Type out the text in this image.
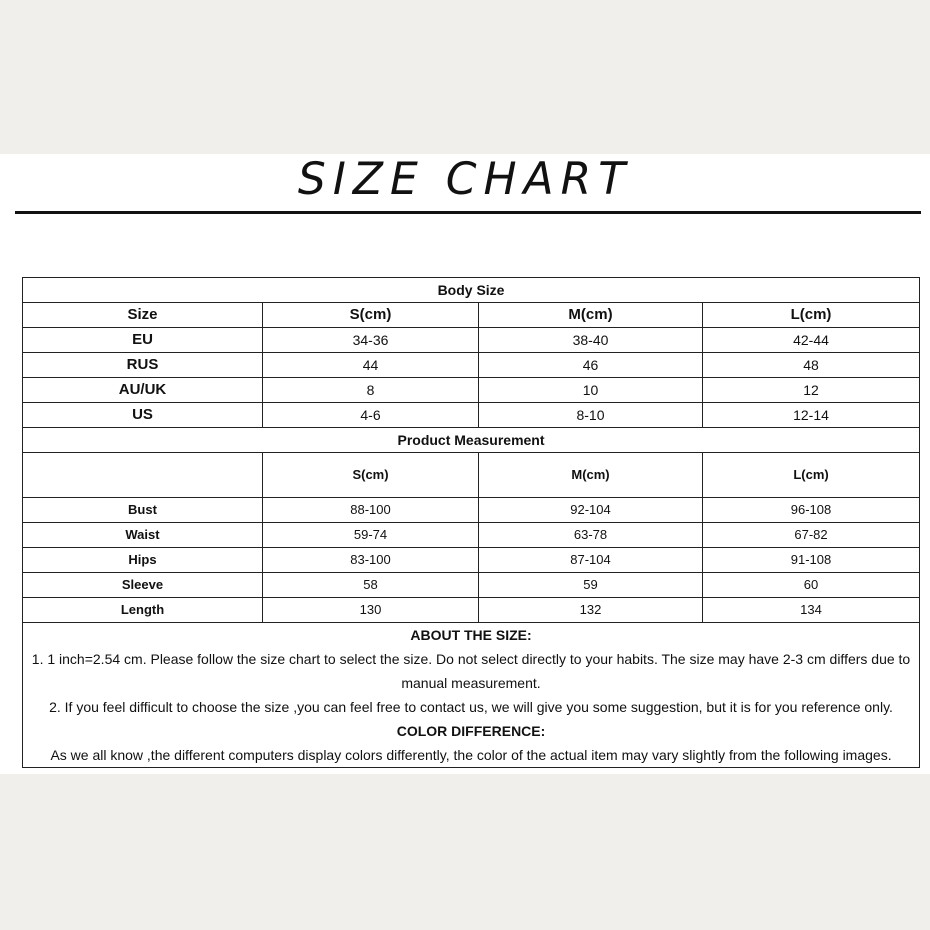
SIZE CHART
Body Size			
Size	S(cm)	M(cm)	L(cm)
EU	34-36	38-40	42-44
RUS	44	46	48
AU/UK	8	10	12
US	4-6	8-10	12-14
Product Measurement			
	S(cm)	M(cm)	L(cm)
Bust	88-100	92-104	96-108
Waist	59-74	63-78	67-82
Hips	83-100	87-104	91-108
Sleeve	58	59	60
Length	130	132	134

ABOUT THE SIZE:
1. 1 inch=2.54 cm. Please follow the size chart to select the size. Do not select directly to your habits. The size may have 2-3 cm differs due to manual measurement.
2. If you feel difficult to choose the size ,you can feel free to contact us, we will give you some suggestion, but it is for you reference only.
COLOR DIFFERENCE:
As we all know ,the different computers display colors differently, the color of the actual item may vary slightly from the following images.			
